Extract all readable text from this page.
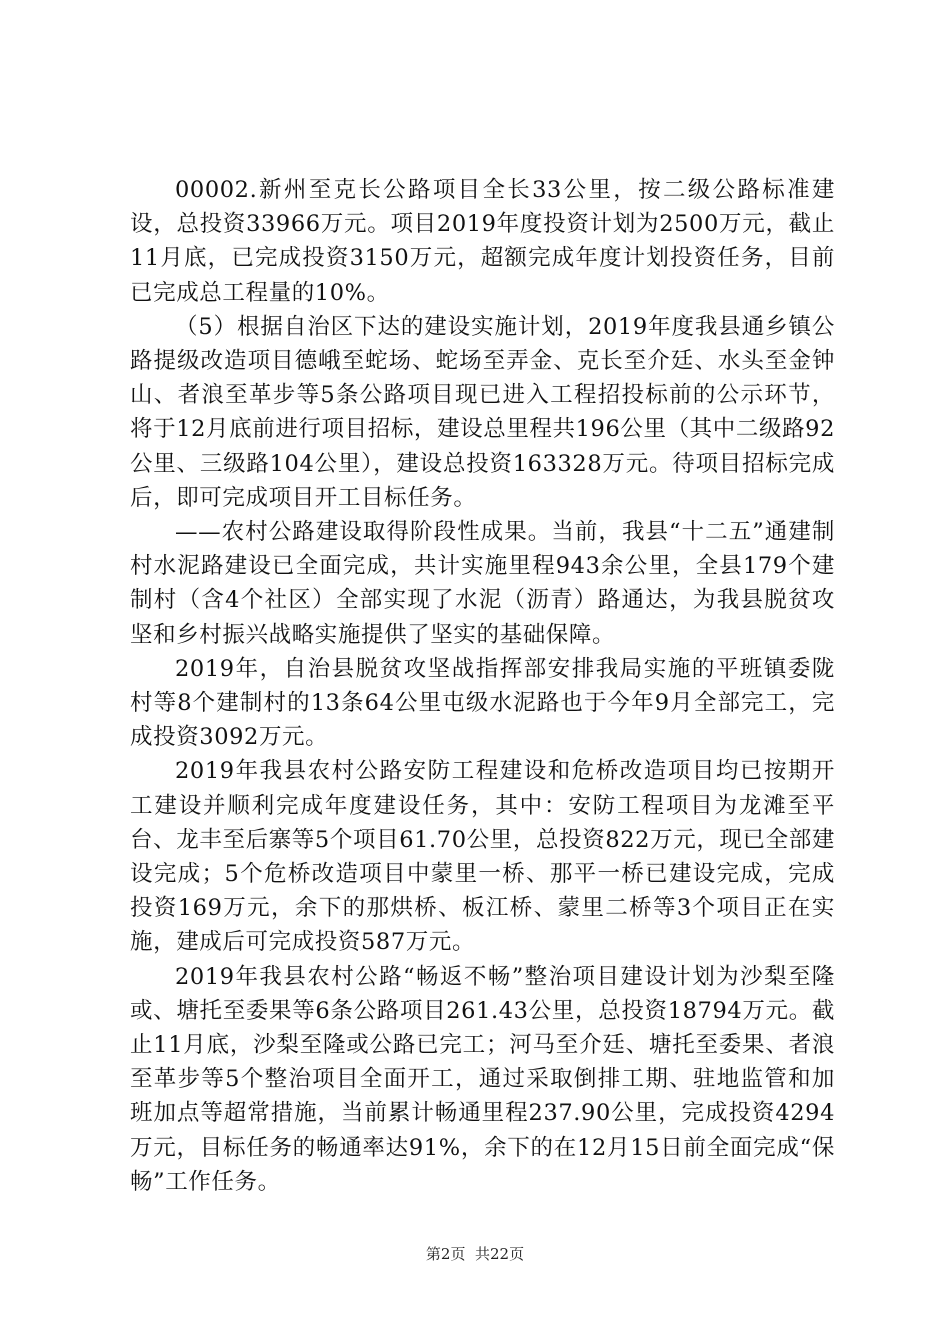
00002.新州至克长公路项目全长33公里，按二级公路标准建设，总投资33966万元。项目2019年度投资计划为2500万元，截止11月底，已完成投资3150万元，超额完成年度计划投资任务，目前已完成总工程量的10%。

（5）根据自治区下达的建设实施计划，2019年度我县通乡镇公路提级改造项目德峨至蛇场、蛇场至弄金、克长至介廷、水头至金钟山、者浪至革步等5条公路项目现已进入工程招投标前的公示环节，将于12月底前进行项目招标，建设总里程共196公里（其中二级路92公里、三级路104公里），建设总投资163328万元。待项目招标完成后，即可完成项目开工目标任务。

——农村公路建设取得阶段性成果。当前，我县“十二五”通建制村水泥路建设已全面完成，共计实施里程943余公里，全县179个建制村（含4个社区）全部实现了水泥（沥青）路通达，为我县脱贫攻坚和乡村振兴战略实施提供了坚实的基础保障。

2019年，自治县脱贫攻坚战指挥部安排我局实施的平班镇委陇村等8个建制村的13条64公里屯级水泥路也于今年9月全部完工，完成投资3092万元。

2019年我县农村公路安防工程建设和危桥改造项目均已按期开工建设并顺利完成年度建设任务，其中：安防工程项目为龙滩至平台、龙丰至后寨等5个项目61.70公里，总投资822万元，现已全部建设完成；5个危桥改造项目中蒙里一桥、那平一桥已建设完成，完成投资169万元，余下的那烘桥、板江桥、蒙里二桥等3个项目正在实施，建成后可完成投资587万元。

2019年我县农村公路“畅返不畅”整治项目建设计划为沙梨至隆或、塘托至委果等6条公路项目261.43公里，总投资18794万元。截止11月底，沙梨至隆或公路已完工；河马至介廷、塘托至委果、者浪至革步等5个整治项目全面开工，通过采取倒排工期、驻地监管和加班加点等超常措施，当前累计畅通里程237.90公里，完成投资4294万元，目标任务的畅通率达91%，余下的在12月15日前全面完成“保畅”工作任务。

第2页 共22页
